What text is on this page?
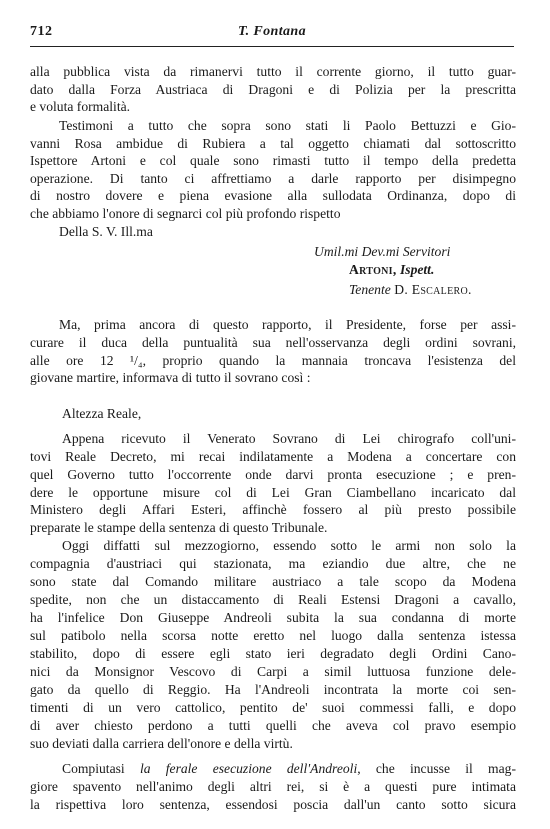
712	T. Fontana
alla pubblica vista da rimanervi tutto il corrente giorno, il tutto guar-
dato dalla Forza Austriaca di Dragoni e di Polizia per la prescritta
e voluta formalità.
Testimoni a tutto che sopra sono stati li Paolo Bettuzzi e Gio-
vanni Rosa ambidue di Rubiera a tal oggetto chiamati dal sottoscritto
Ispettore Artoni e col quale sono rimasti tutto il tempo della predetta
operazione. Di tanto ci affrettiamo a darle rapporto per disimpegno
di nostro dovere e piena evasione alla sullodata Ordinanza, dopo di
che abbiamo l'onore di segnarci col più profondo rispetto
Della S. V. Ill.ma
Umil.mi Dev.mi Servitori
Artoni, Ispett.
Tenente D. Escalero.
Ma, prima ancora di questo rapporto, il Presidente, forse per assi-
curare il duca della puntualità sua nell'osservanza degli ordini sovrani,
alle ore 12 ¹/₄, proprio quando la mannaia troncava l'esistenza del
giovane martire, informava di tutto il sovrano così :
Altezza Reale,
Appena ricevuto il Venerato Sovrano di Lei chirografo coll'uni-
tovi Reale Decreto, mi recai indilatamente a Modena a concertare con
quel Governo tutto l'occorrente onde darvi pronta esecuzione ; e pren-
dere le opportune misure col di Lei Gran Ciambellano incaricato dal
Ministero degli Affari Esteri, affinchè fossero al più presto possibile
preparate le stampe della sentenza di questo Tribunale.
Oggi diffatti sul mezzogiorno, essendo sotto le armi non solo la
compagnia d'austriaci qui stazionata, ma eziandio due altre, che ne
sono state dal Comando militare austriaco a tale scopo da Modena
spedite, non che un distaccamento di Reali Estensi Dragoni a cavallo,
ha l'infelice Don Giuseppe Andreoli subita la sua condanna di morte
sul patibolo nella scorsa notte eretto nel luogo dalla sentenza istessa
stabilito, dopo di essere egli stato ieri degradato degli Ordini Cano-
nici da Monsignor Vescovo di Carpi a simil luttuosa funzione dele-
gato da quello di Reggio. Ha l'Andreoli incontrata la morte coi sen-
timenti di un vero cattolico, pentito de' suoi commessi falli, e dopo
di aver chiesto perdono a tutti quelli che aveva col pravo esempio
suo deviati dalla carriera dell'onore e della virtù.
Compiutasi la ferale esecuzione dell'Andreoli, che incusse il mag-
giore spavento nell'animo degli altri rei, si è a questi pure intimata
la rispettiva loro sentenza, essendosi poscia dall'un canto sotto sicura
